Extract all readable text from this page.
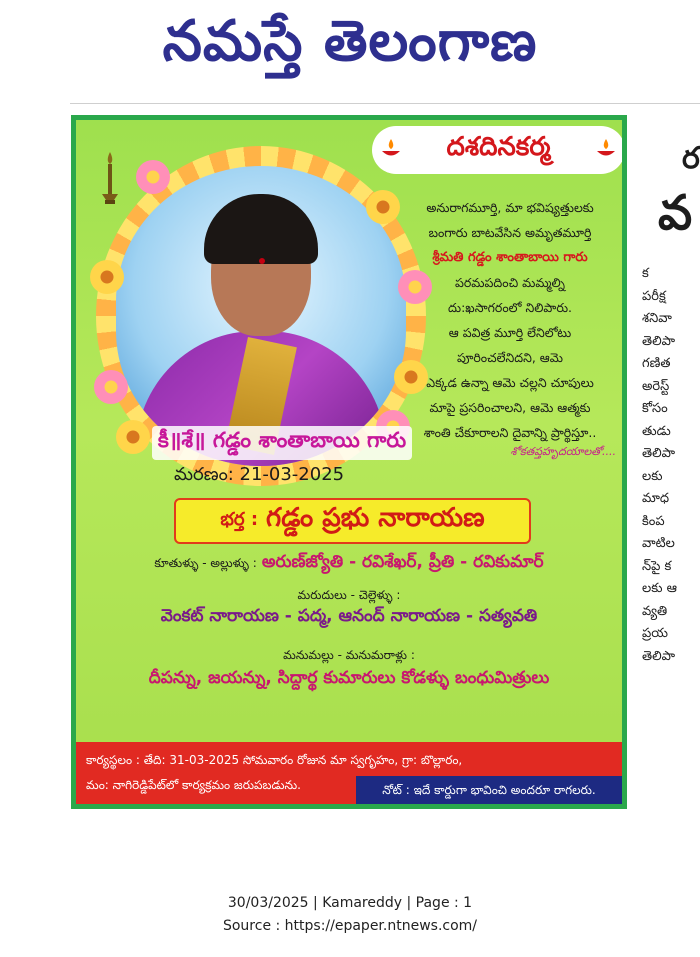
నమస్తే తెలంగాణ
దశదినకర్మ
అనురాగమూర్తి, మా భవిష్యత్తులకు
బంగారు బాటవేసిన అమృతమూర్తి
శ్రీమతి గడ్డం శాంతాబాయి గారు
పరమపదించి మమ్మల్ని
దు:ఖసాగరంలో నిలిపారు.
ఆ పవిత్ర మూర్తి లేనిలోటు
పూరించలేనిదని, ఆమె
ఎక్కడ ఉన్నా ఆమె చల్లని చూపులు
మాపై ప్రసరించాలని, ఆమె ఆత్మకు
శాంతి చేకూరాలని దైవాన్ని ప్రార్థిస్తూ..
శోకతప్తహృదయాలతో....
కీ॥శే॥ గడ్డం శాంతాబాయి గారు
మరణం: 21-03-2025
భర్త : గడ్డం ప్రభు నారాయణ
కూతుళ్ళు - అల్లుళ్ళు : అరుణ్‌జ్యోతి - రవిశేఖర్, ప్రీతి - రవికుమార్
మరుదులు - చెల్లెళ్ళు :
వెంకట్ నారాయణ - పద్మ, ఆనంద్ నారాయణ - సత్యవతి
మనుమల్లు - మనుమరాళ్లు :
దీపన్ను, జయన్ను, సిద్దార్థ కుమారులు కోడళ్ళు బంధుమిత్రులు
కార్యస్థలం : తేది: 31-03-2025 సోమవారం రోజున మా స్వగృహం, గ్రా: బొల్లారం,
మం: నాగిరెడ్డిపేట్‌లో కార్యక్రమం జరుపబడును.	నోట్ : ఇదే కార్డుగా భావించి అందరూ రాగలరు.
ర
వ
క
పరీక్ష
శనివా
తెలిపా
గణిత
అరెస్ట్
కోసం
తుడు
తెలిపా
లకు
మాధ
కింప
వాటిల
న్‌పై క
లకు ఆ
వ్యతి
ప్రయ
తెలిపా
30/03/2025 | Kamareddy | Page : 1
Source : https://epaper.ntnews.com/
